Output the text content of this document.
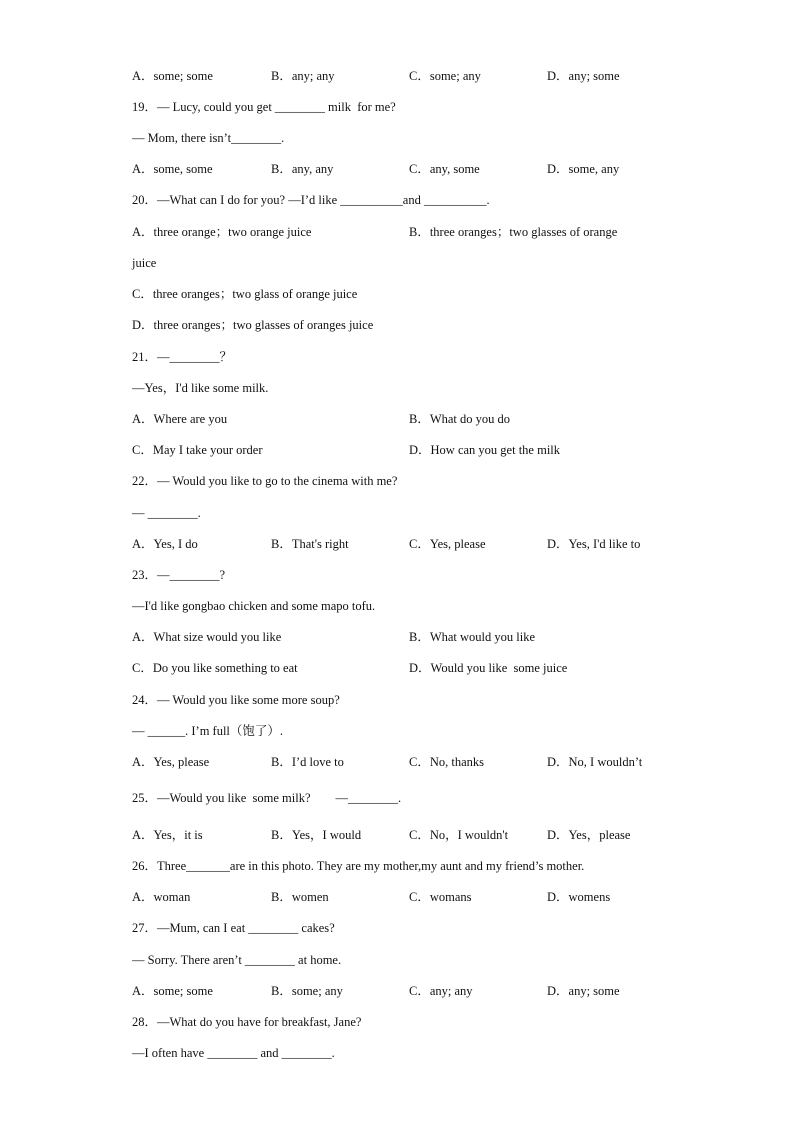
A．some; some	B．any; any	C．some; any	D．any; some
19．— Lucy, could you get ________ milk  for me?
— Mom, there isn’t________.
A．some, some	B．any, any	C．any, some	D．some, any
20．—What can I do for you? —I’d like __________and __________.
A．three orange；two orange juice	B．three oranges；two glasses of orange
juice
C．three oranges；two glass of orange juice
D．three oranges；two glasses of oranges juice
21．—________？
—Yes，I'd like some milk.
A．Where are you	B．What do you do
C．May I take your order	D．How can you get the milk
22．— Would you like to go to the cinema with me?
— ________.
A．Yes, I do	B．That's right	C．Yes, please	D．Yes, I'd like to
23．—________?
—I'd like gongbao chicken and some mapo tofu.
A．What size would you like	B．What would you like
C．Do you like something to eat	D．Would you like  some juice
24．— Would you like some more soup?
— ______. I’m full（饱了）.
A．Yes, please	B．I’d love to	C．No, thanks	D．No, I wouldn’t
25．—Would you like  some milk?        —________.
A．Yes，it is	B．Yes，I would	C．No，I wouldn't	D．Yes，please
26．Three_______are in this photo. They are my mother,my aunt and my friend’s mother.
A．woman	B．women	C．womans	D．womens
27．—Mum, can I eat ________ cakes?
— Sorry. There aren’t ________ at home.
A．some; some	B．some; any	C．any; any	D．any; some
28．—What do you have for breakfast, Jane?
—I often have ________ and ________.
